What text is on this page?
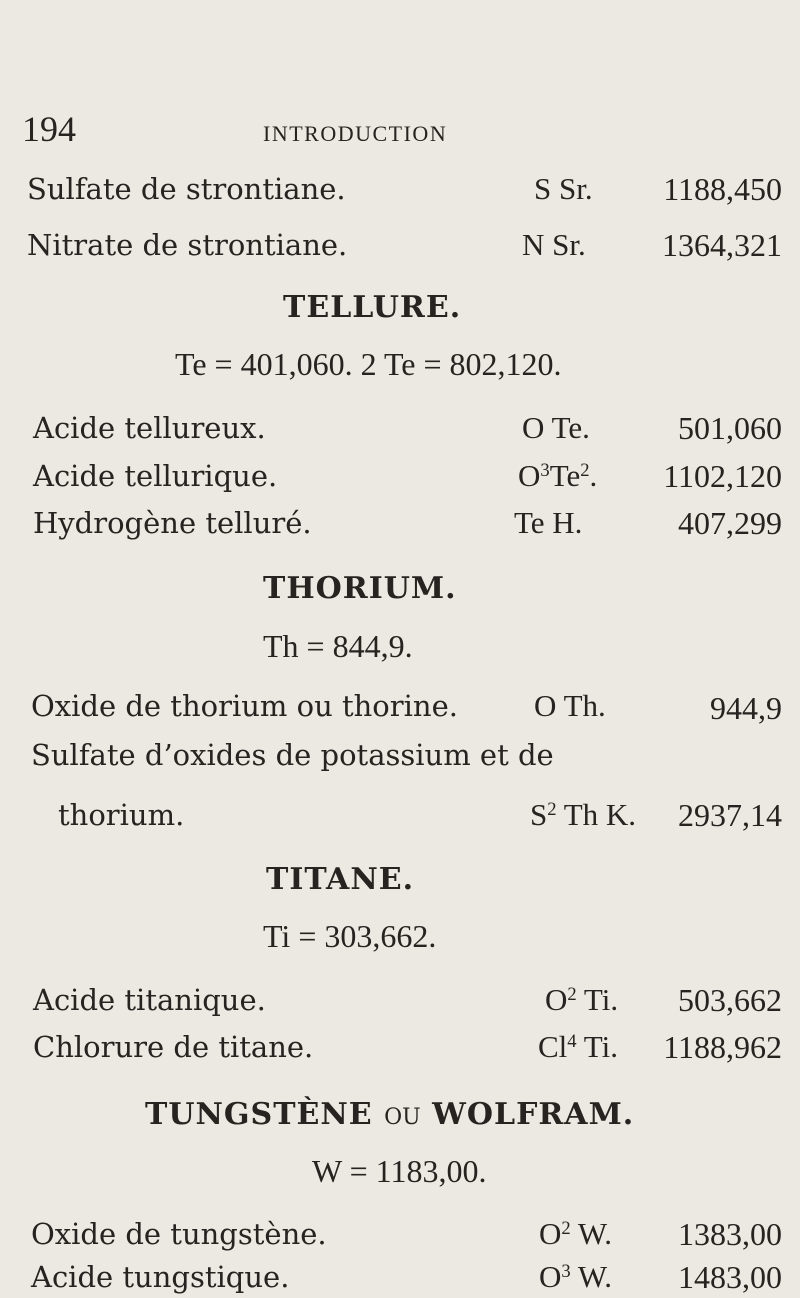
194	INTRODUCTION
Sulfate de strontiane.	S Sr. 1188,450
Nitrate de strontiane.	N Sr. 1364,321
TELLURE.
Te = 401,060. 2 Te = 802,120.
Acide tellureux.	O Te.	501,060
Acide tellurique.	$O^3Te^2$. 1102,120
Hydrogène telluré.	Te H.	407,299
THORIUM.
Th = 844,9.
Oxide de thorium ou thorine. O Th.	944,9
Sulfate d’oxides de potassium et de
thorium.	$S^2$ Th K. 2937,14
TITANE.
Ti = 303,662.
Acide titanique.	$O^2$ Ti. 503,662
Chlorure de titane.	Cl$^4$ Ti. 1188,962
TUNGSTÈNE OU WOLFRAM.
W = 1183,00.
Oxide de tungstène.	$O^2$ W. 1383,00
Acide tungstique.	$O^3$ W. 1483,00
